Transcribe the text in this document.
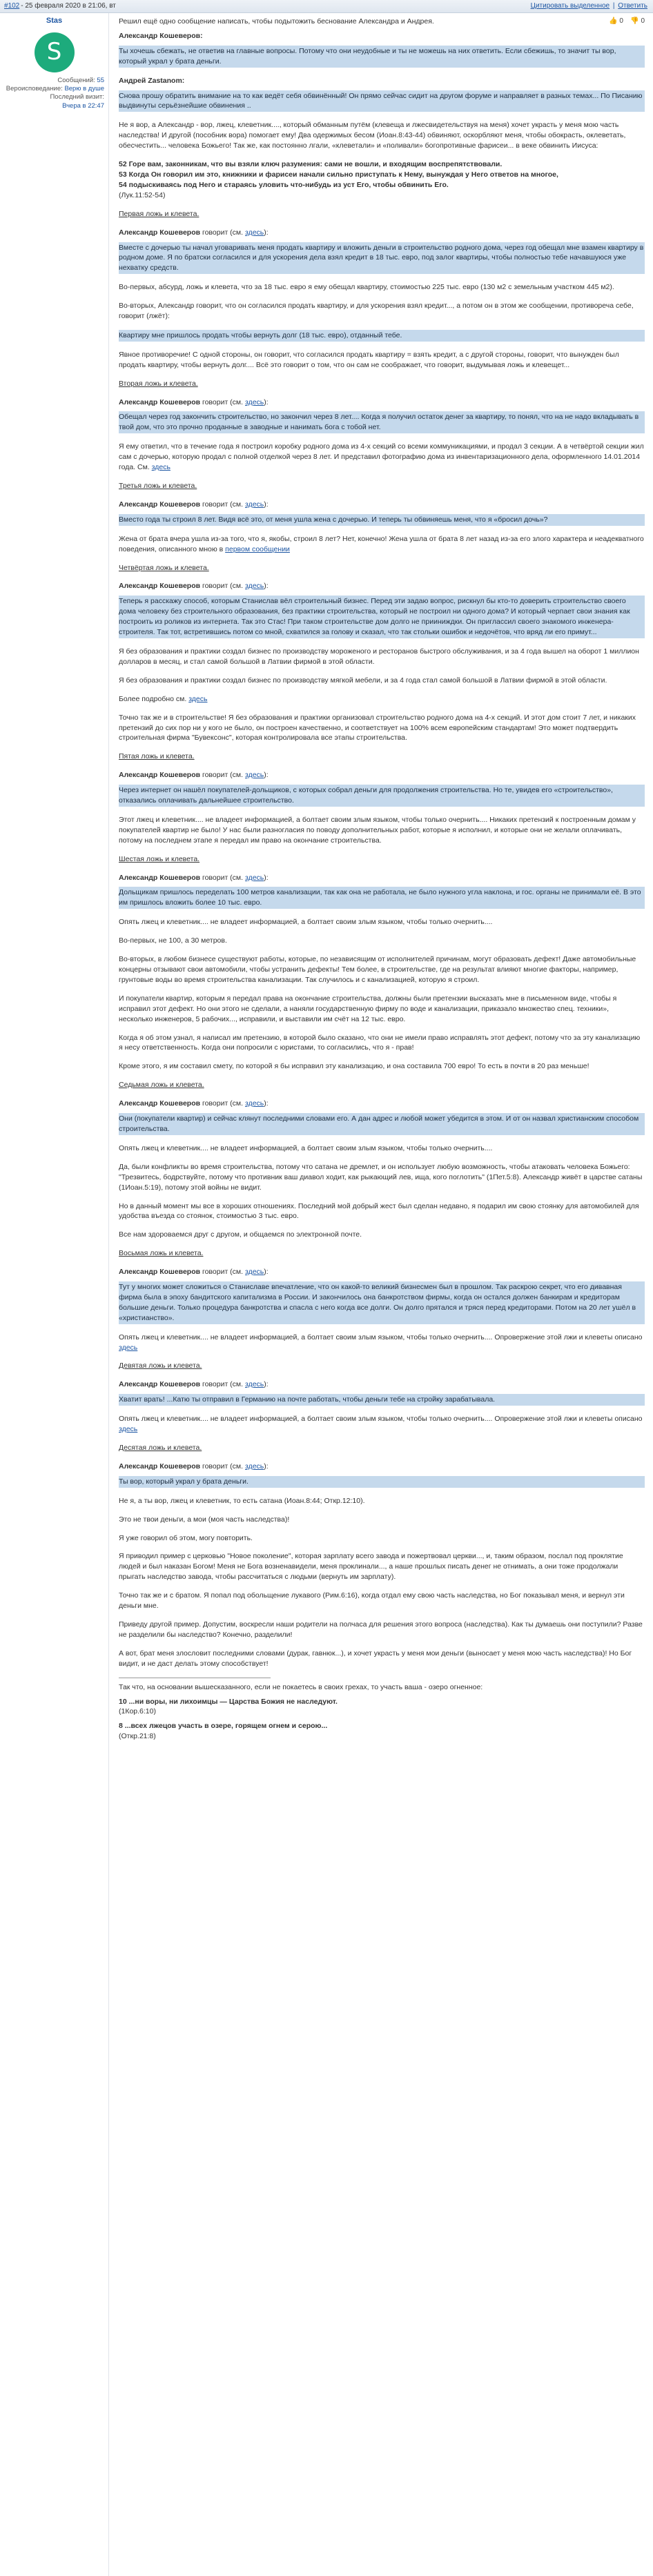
#102 - 25 февраля 2020 в 21:06, вт	Цитировать выделенное | Ответить
Stas
S
Сообщений: 55
Вероисповедание: Верю в душе
Последний визит:
Вчера в 22:47
Решил ещё одно сообщение написать, чтобы подытожить беснование Александра и Андрея.	👍 0 👎 0

Александр Кошеверов:

Ты хочешь сбежать, не ответив на главные вопросы. Потому что они неудобные и ты не можешь на них ответить. Если сбежишь, то значит ты вор, который украл у брата деньги.

Андрей Zastanom:

Снова прошу обратить внимание на то как ведёт себя обвинённый! Он прямо сейчас сидит на другом форуме и направляет в разных темах... По Писанию выдвинуты серьёзнейшие обвинения ..

Не я вор, а Александр - вор, лжец, клеветник...., который обманным путём (клевеща и лжесвидетельствуя на меня) хочет украсть у меня мою часть наследства! И другой (пособник вора) помогает ему! Два одержимых бесом (Иоан.8:43-44) обвиняют, оскорбляют меня, чтобы обокрасть, оклеветать, обесчестить... человека Божьего! Так же, как постоянно лгали, «клеветали» и «поливали» богопротивные фарисеи... в веке обвинить Иисуса:

52 Горе вам, законникам, что вы взяли ключ разумения: сами не вошли, и входящим воспрепятствовали.
53 Когда Он говорил им это, книжники и фарисеи начали сильно приступать к Нему, вынуждая у Него ответов на многое,
54 подыскиваясь под Него и стараясь уловить что-нибудь из уст Его, чтобы обвинить Его.
(Лук.11:52-54)

Первая ложь и клевета.

Александр Кошеверов говорит (см. здесь):

Вместе с дочерью ты начал уговаривать меня продать квартиру и вложить деньги в строительство родного дома, через год обещал мне взамен квартиру в родном доме. Я по братски согласился и для ускорения дела взял кредит в 18 тыс. евро, под залог квартиры, чтобы полностью тебе начавшуюся уже нехватку средств.

Во-первых, абсурд, ложь и клевета, что за 18 тыс. евро я ему обещал квартиру, стоимостью 225 тыс. евро (130 м2 с земельным участком 445 м2).

Во-вторых, Александр говорит, что он согласился продать квартиру, и для ускорения взял кредит..., а потом он в этом же сообщении, противореча себе, говорит (лжёт):

Квартиру мне пришлось продать чтобы вернуть долг (18 тыс. евро), отданный тебе.

Явное противоречие! С одной стороны, он говорит, что согласился продать квартиру = взять кредит, а с другой стороны, говорит, что вынужден был продать квартиру, чтобы вернуть долг.... Всё это говорит о том, что он сам не соображает, что говорит, выдумывая ложь и клевещет...

Вторая ложь и клевета.

Александр Кошеверов говорит (см. здесь):

Обещал через год закончить строительство, но закончил через 8 лет.... Когда я получил остаток денег за квартиру, то понял, что на не надо вкладывать в твой дом, что это прочно проданные в заводные и нанимать бога с тобой нет.

Я ему ответил, что в течение года я построил коробку родного дома из 4-х секций со всеми коммуникациями, и продал 3 секции. А в четвёртой секции жил сам с дочерью, которую продал с полной отделкой через 8 лет. И представил фотографию дома из инвентаризационного дела, оформленного 14.01.2014 года. См. здесь

Третья ложь и клевета.

Александр Кошеверов говорит (см. здесь):

Вместо года ты строил 8 лет. Видя всё это, от меня ушла жена с дочерью. И теперь ты обвиняешь меня, что я «бросил дочь»?

Жена от брата вчера ушла из-за того, что я, якобы, строил 8 лет? Нет, конечно! Жена ушла от брата 8 лет назад из-за его злого характера и неадекватного поведения, описанного мною в первом сообщении

Четвёртая ложь и клевета.

Александр Кошеверов говорит (см. здесь):

Теперь я расскажу способ, которым Станислав вёл строительный бизнес. Перед эти задаю вопрос, рискнул бы кто-то доверить строительство своего дома человеку без строительного образования, без практики строительства, который не построил ни одного дома? И который черпает свои знания как построить из роликов из интернета. Так это Стас! При таком строительстве дом долго не прииниждки. Он приглассил своего знакомого инженера-строителя. Так тот, встретившись потом со мной, схватился за голову и сказал, что так стольки ошибок и недочётов, что вряд ли его примут...

Я без образования и практики создал бизнес по производству мороженого и ресторанов быстрого обслуживания, и за 4 года вышел на оборот 1 миллион долларов в месяц, и стал самой большой в Латвии фирмой в этой области.

Я без образования и практики создал бизнес по производству мягкой мебели, и за 4 года стал самой большой в Латвии фирмой в этой области.

Более подробно см. здесь

Точно так же и в строительстве! Я без образования и практики организовал строительство родного дома на 4-х секций. И этот дом стоит 7 лет, и никаких претензий до сих пор ни у кого не было, он построен качественно, и соответствует на 100% всем европейским стандартам! Это может подтвердить строительная фирма "Бувексонс", которая контролировала все этапы строительства.

Пятая ложь и клевета.

Александр Кошеверов говорит (см. здесь):

Через интернет он нашёл покупателей-дольщиков, с которых собрал деньги для продолжения строительства. Но те, увидев его «строительство», отказались оплачивать дальнейшее строительство.

Этот лжец и клеветник.... не владеет информацией, а болтает своим злым языком, чтобы только очернить.... Никаких претензий к построенным домам у покупателей квартир не было! У нас были разногласия по поводу дополнительных работ, которые я исполнил, и которые они не желали оплачивать, потому на последнем этапе я передал им право на окончание строительства.

Шестая ложь и клевета.

Александр Кошеверов говорит (см. здесь):

Дольщикам пришлось переделать 100 метров канализации, так как она не работала, не было нужного угла наклона, и гос. органы не принимали её. В это им пришлось вложить более 10 тыс. евро.

Опять лжец и клеветник.... не владеет информацией, а болтает своим злым языком, чтобы только очернить....

Во-первых, не 100, а 30 метров.

Во-вторых, в любом бизнесе существуют работы, которые, по независящим от исполнителей причинам, могут образовать дефект! Даже автомобильные концерны отзывают свои автомобили, чтобы устранить дефекты! Тем более, в строительстве, где на результат влияют многие факторы, например, грунтовые воды во время строительства канализации. Так случилось и с канализацией, которую я строил.

И покупатели квартир, которым я передал права на окончание строительства, должны были претензии высказать мне в письменном виде, чтобы я исправил этот дефект. Но они этого не сделали, а наняли государственную фирму по воде и канализации, приказало множество спец. техники», несколько инженеров, 5 рабочих..., исправили, и выставили им счёт на 12 тыс. евро.

Когда я об этом узнал, я написал им претензию, в которой было сказано, что они не имели право исправлять этот дефект, потому что за эту канализацию я несу ответственность. Когда они попросили с юристами, то согласились, что я - прав!

Кроме этого, я им составил смету, по которой я бы исправил эту канализацию, и она составила 700 евро! То есть в почти в 20 раз меньше!

Седьмая ложь и клевета.

Александр Кошеверов говорит (см. здесь):

Они (покупатели квартир) и сейчас клянут последними словами его. А дан адрес и любой может убедится в этом. И от он назвал христианским способом строительства.

Опять лжец и клеветник.... не владеет информацией, а болтает своим злым языком, чтобы только очернить....

Да, были конфликты во время строительства, потому что сатана не дремлет, и он использует любую возможность, чтобы атаковать человека Божьего: "Трезвитесь, бодрствуйте, потому что противник ваш диавол ходит, как рыкающий лев, ища, кого поглотить" (1Пет.5:8). Александр живёт в царстве сатаны (1Иоан.5:19), потому этой войны не видит.

Но в данный момент мы все в хороших отношениях. Последний мой добрый жест был сделан недавно, я подарил им свою стоянку для автомобилей для удобства въезда со стоянок, стоимостью 3 тыс. евро.

Все нам здороваемся друг с другом, и общаемся по электронной почте.

Восьмая ложь и клевета.

Александр Кошеверов говорит (см. здесь):

Тут у многих может сложиться о Станиславе впечатление, что он какой-то великий бизнесмен был в прошлом. Так раскрою секрет, что его дивавная фирма была в эпоху бандитского капитализма в России. И закончилось она банкротством фирмы, когда он остался должен банкирам и кредиторам большие деньги. Только процедура банкротства и спасла с него когда все долги. Он долго прятался и тряся перед кредиторами. Потом на 20 лет ушёл в «христианство».

Опять лжец и клеветник.... не владеет информацией, а болтает своим злым языком, чтобы только очернить.... Опровержение этой лжи и клеветы описано здесь

Девятая ложь и клевета.

Александр Кошеверов говорит (см. здесь):

Хватит врать! ...Катю ты отправил в Германию на почте работать, чтобы деньги тебе на стройку зарабатывала.

Опять лжец и клеветник.... не владеет информацией, а болтает своим злым языком, чтобы только очернить.... Опровержение этой лжи и клеветы описано здесь

Десятая ложь и клевета.

Александр Кошеверов говорит (см. здесь):

Ты вор, который украл у брата деньги.

Не я, а ты вор, лжец и клеветник, то есть сатана (Иоан.8:44; Откр.12:10).

Это не твои деньги, а мои (моя часть наследства)!

Я уже говорил об этом, могу повторить.

Я приводил пример с церковью "Новое поколение", которая зарплату всего завода и пожертвовал церкви..., и, таким образом, послал под проклятие людей и был наказан Богом! Меня не Бога возненавидели, меня проклинали..., а наше прошлых писать денег не отнимать, а они тоже продолжали прыгать наследство завода, чтобы рассчитаться с людьми (вернуть им зарплату).

Точно так же и с братом. Я попал под обольщение лукавого (Рим.6:16), когда отдал ему свою часть наследства, но Бог показывал меня, и вернул эти деньги мне.

Приведу другой пример. Допустим, воскресли наши родители на полчаса для решения этого вопроса (наследства). Как ты думаешь они поступили? Разве не разделили бы наследство? Конечно, разделили!

А вот, брат меня злословит последними словами (дурак, гавнюк...), и хочет украсть у меня мои деньги (выносает у меня мою часть наследства)! Но Бог видит, и не даст делать этому способствует!

Так что, на основании вышесказанного, если не покаетесь в своих грехах, то участь ваша - озеро огненное:

10 ...ни воры, ни лихоимцы — Царства Божия не наследуют.
(1Кор.6:10)

8 ...всех лжецов участь в озере, горящем огнем и серою...
(Откр.21:8)
